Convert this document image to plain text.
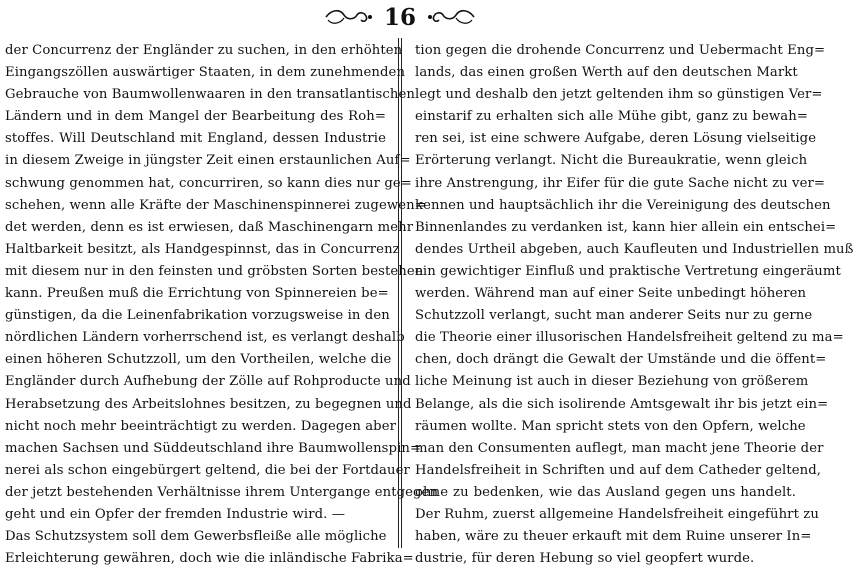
16
der Concurrenz der Engländer zu suchen, in den erhöhten
Eingangszöllen auswärtiger Staaten, in dem zunehmenden
Gebrauche von Baumwollenwaaren in den transatlantischen
Ländern und in dem Mangel der Bearbeitung des Roh=
stoffes. Will Deutschland mit England, dessen Industrie
in diesem Zweige in jüngster Zeit einen erstaunlichen Auf=
schwung genommen hat, concurriren, so kann dies nur ge=
schehen, wenn alle Kräfte der Maschinenspinnerei zugewen=
det werden, denn es ist erwiesen, daß Maschinengarn mehr
Haltbarkeit besitzt, als Handgespinnst, das in Concurrenz
mit diesem nur in den feinsten und gröbsten Sorten bestehen
kann. Preußen muß die Errichtung von Spinnereien be=
günstigen, da die Leinenfabrikation vorzugsweise in den
nördlichen Ländern vorherrschend ist, es verlangt deshalb
einen höheren Schutzzoll, um den Vortheilen, welche die
Engländer durch Aufhebung der Zölle auf Rohproducte und
Herabsetzung des Arbeitslohnes besitzen, zu begegnen und
nicht noch mehr beeinträchtigt zu werden. Dagegen aber
machen Sachsen und Süddeutschland ihre Baumwollenspin=
nerei als schon eingebürgert geltend, die bei der Fortdauer
der jetzt bestehenden Verhältnisse ihrem Untergange entgegen
geht und ein Opfer der fremden Industrie wird. —
Das Schutzsystem soll dem Gewerbsfleiße alle mögliche
Erleichterung gewähren, doch wie die inländische Fabrika=
tion gegen die drohende Concurrenz und Uebermacht Eng=
lands, das einen großen Werth auf den deutschen Markt
legt und deshalb den jetzt geltenden ihm so günstigen Ver=
einstarif zu erhalten sich alle Mühe gibt, ganz zu bewah=
ren sei, ist eine schwere Aufgabe, deren Lösung vielseitige
Erörterung verlangt. Nicht die Bureaukratie, wenn gleich
ihre Anstrengung, ihr Eifer für die gute Sache nicht zu ver=
kennen und hauptsächlich ihr die Vereinigung des deutschen
Binnenlandes zu verdanken ist, kann hier allein ein entschei=
dendes Urtheil abgeben, auch Kaufleuten und Industriellen muß
ein gewichtiger Einfluß und praktische Vertretung eingeräumt
werden. Während man auf einer Seite unbedingt höheren
Schutzzoll verlangt, sucht man anderer Seits nur zu gerne
die Theorie einer illusorischen Handelsfreiheit geltend zu ma=
chen, doch drängt die Gewalt der Umstände und die öffent=
liche Meinung ist auch in dieser Beziehung von größerem
Belange, als die sich isolirende Amtsgewalt ihr bis jetzt ein=
räumen wollte. Man spricht stets von den Opfern, welche
man den Consumenten auflegt, man macht jene Theorie der
Handelsfreiheit in Schriften und auf dem Catheder geltend,
ohne zu bedenken, wie das Ausland gegen uns handelt.
Der Ruhm, zuerst allgemeine Handelsfreiheit eingeführt zu
haben, wäre zu theuer erkauft mit dem Ruine unserer In=
dustrie, für deren Hebung so viel geopfert wurde.
